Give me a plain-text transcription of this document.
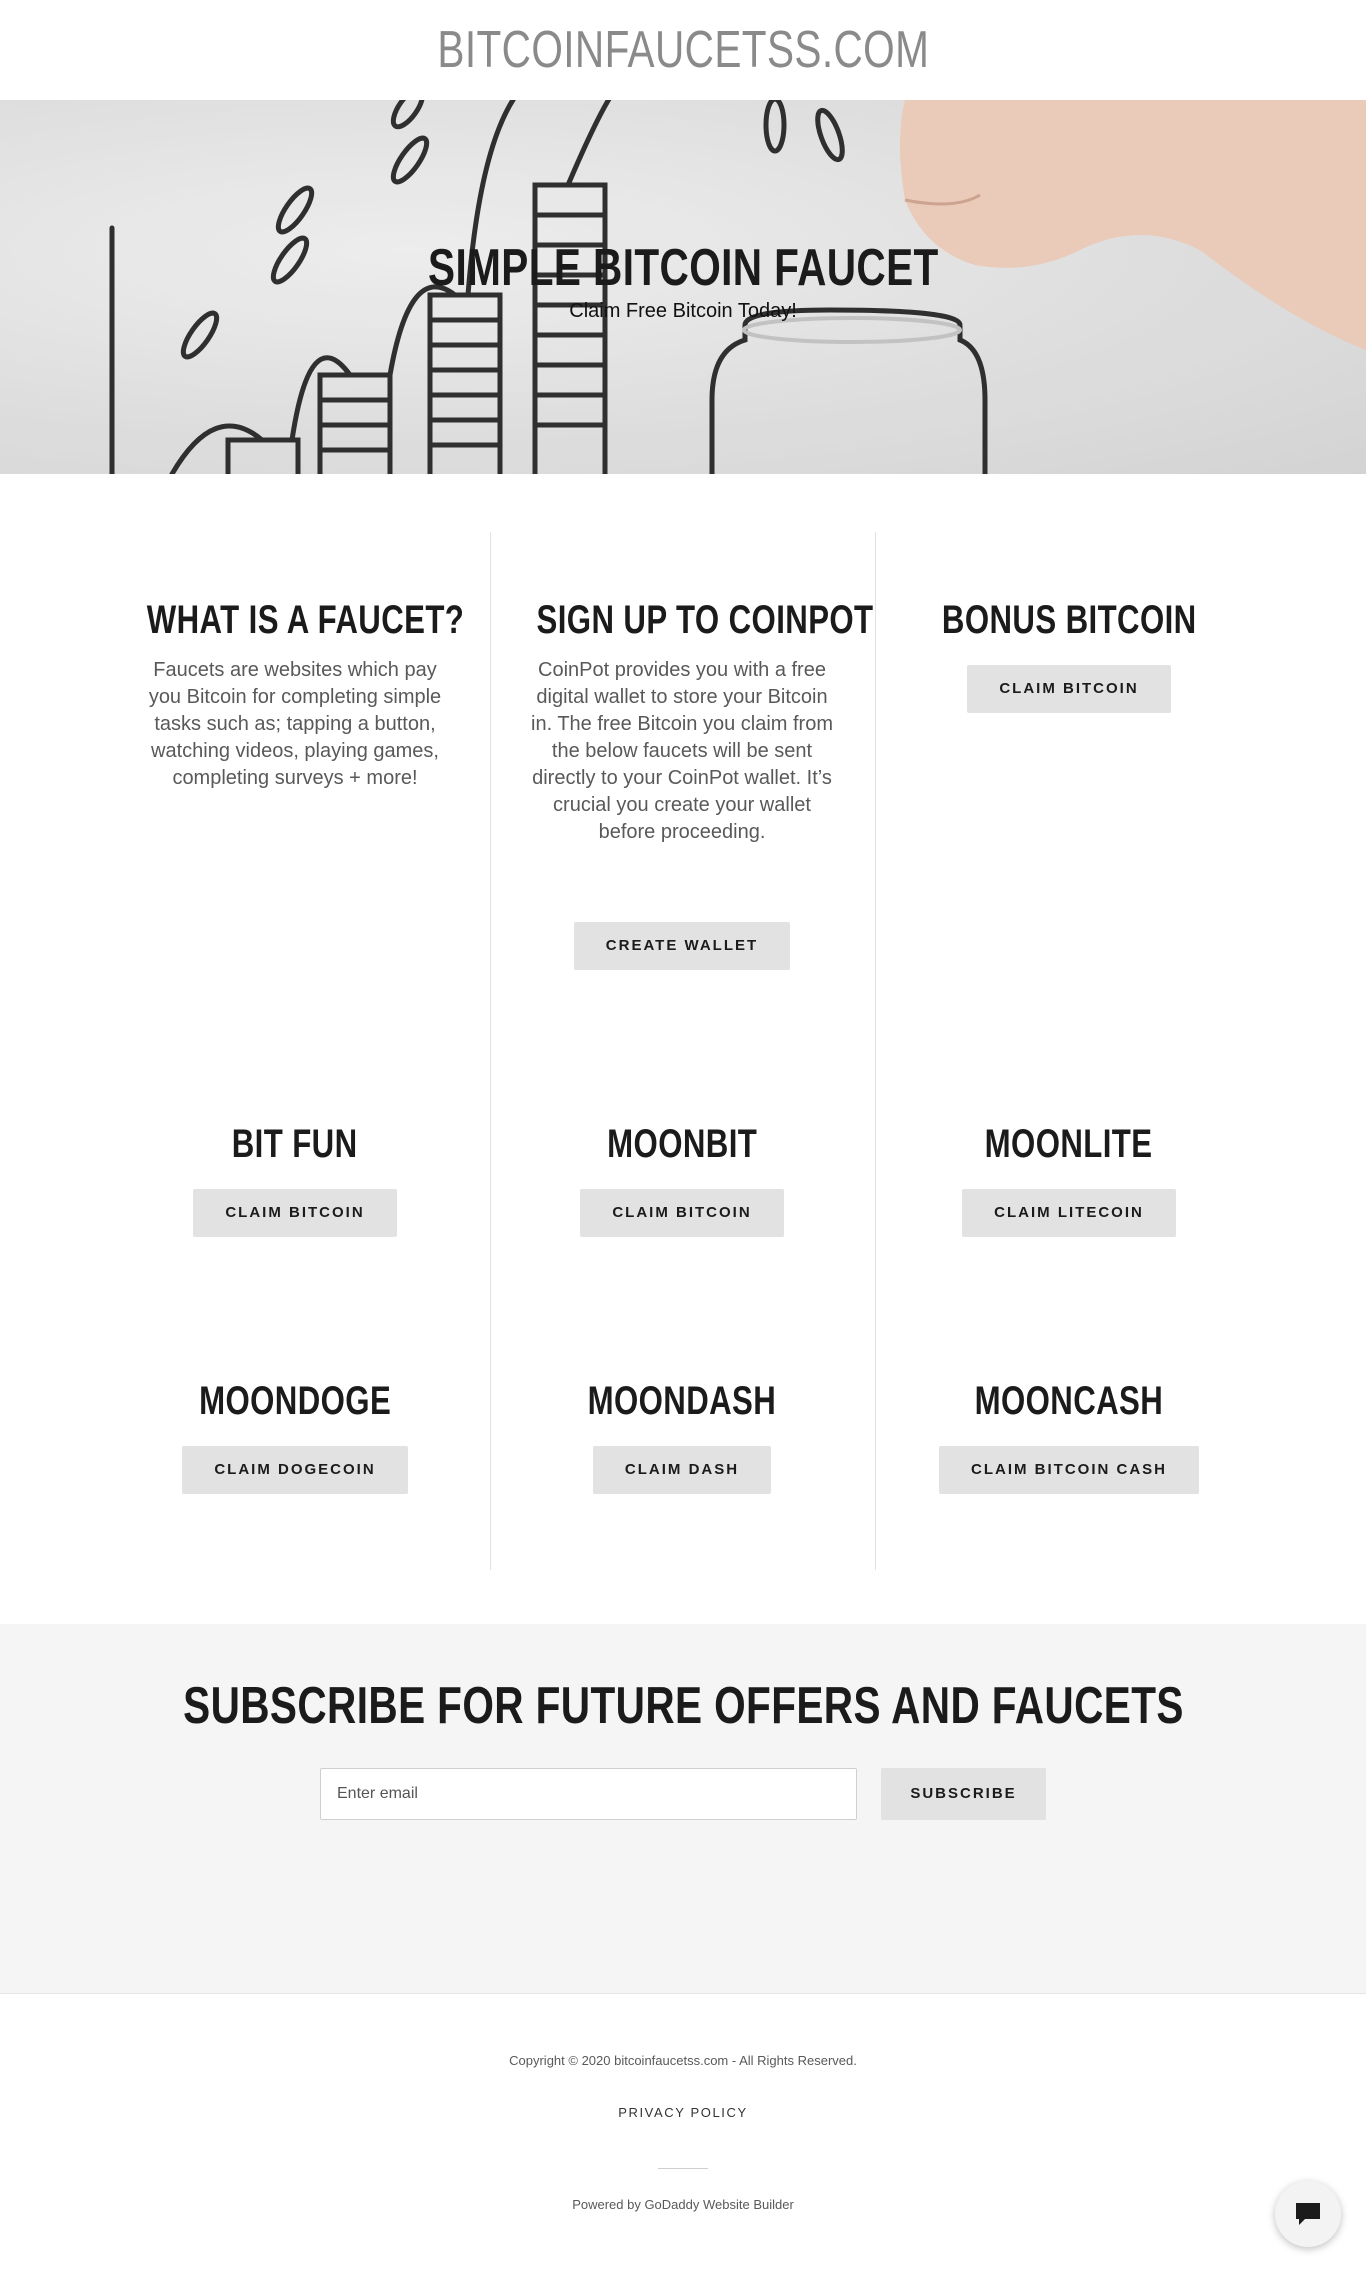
BITCOINFAUCETSS.COM
SIMPLE BITCOIN FAUCET
Claim Free Bitcoin Today!
WHAT IS A FAUCET?

Faucets are websites which pay you Bitcoin for completing simple tasks such as; tapping a button, watching videos, playing games, completing surveys + more!

SIGN UP TO COINPOT

CoinPot provides you with a free digital wallet to store your Bitcoin in. The free Bitcoin you claim from the below faucets will be sent directly to your CoinPot wallet. It’s crucial you create your wallet before proceeding.

CREATE WALLET
BONUS BITCOIN
CLAIM BITCOIN
BIT FUN
CLAIM BITCOIN
MOONBIT
CLAIM BITCOIN
MOONLITE
CLAIM LITECOIN
MOONDOGE
CLAIM DOGECOIN
MOONDASH
CLAIM DASH
MOONCASH
CLAIM BITCOIN CASH
SUBSCRIBE FOR FUTURE OFFERS AND FAUCETS
Enter email
SUBSCRIBE

Copyright © 2020 bitcoinfaucetss.com - All Rights Reserved.

PRIVACY POLICY

Powered by GoDaddy Website Builder
